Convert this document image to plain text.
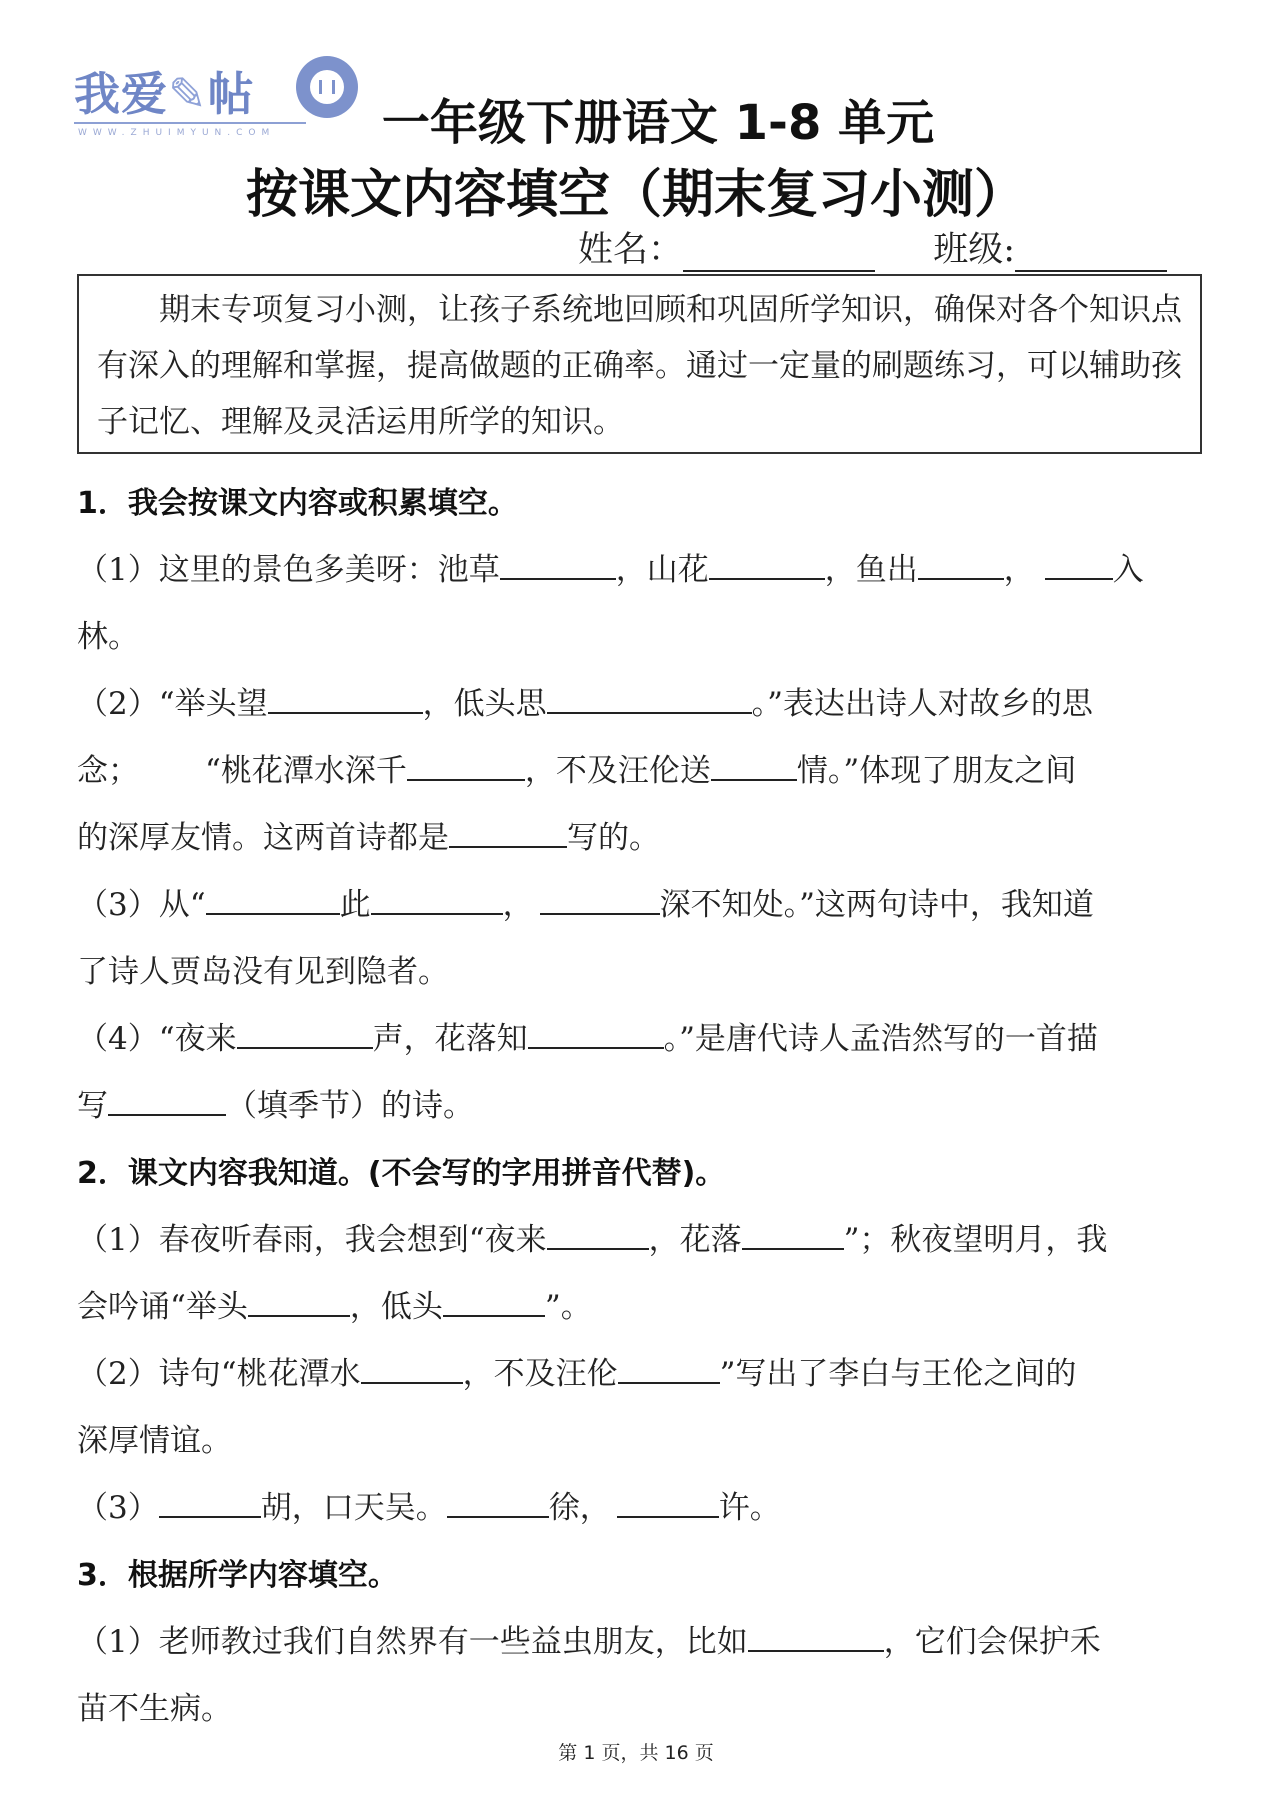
我爱✎帖
WWW.ZHUIMYUN.COM	一年级下册语文 1-8 单元
按课文内容填空（期末复习小测）
姓名：	班级:
期末专项复习小测，让孩子系统地回顾和巩固所学知识，确保对各个知识点有深入的理解和掌握，提高做题的正确率。通过一定量的刷题练习，可以辅助孩子记忆、理解及灵活运用所学的知识。
1．我会按课文内容或积累填空。
（1）这里的景色多美呀：池草	，山花	，鱼出	，	入
林。
（2）“举头望	，低头思	。”表达出诗人对故乡的思
念； “桃花潭水深千	，不及汪伦送	情。”体现了朋友之间
的深厚友情。这两首诗都是	写的。
（3）从“	此	，	深不知处。”这两句诗中，我知道
了诗人贾岛没有见到隐者。
（4）“夜来	声，花落知	。”是唐代诗人孟浩然写的一首描
写	（填季节）的诗。
2．课文内容我知道。(不会写的字用拼音代替)。
（1）春夜听春雨，我会想到“夜来	，花落	”；秋夜望明月，我
会吟诵“举头	，低头	”。
（2）诗句“桃花潭水	，不及汪伦	”写出了李白与王伦之间的
深厚情谊。
（3）	胡，口天吴。	徐，	许。
3．根据所学内容填空。
（1）老师教过我们自然界有一些益虫朋友，比如	，它们会保护禾
苗不生病。
第 1 页，共 16 页
